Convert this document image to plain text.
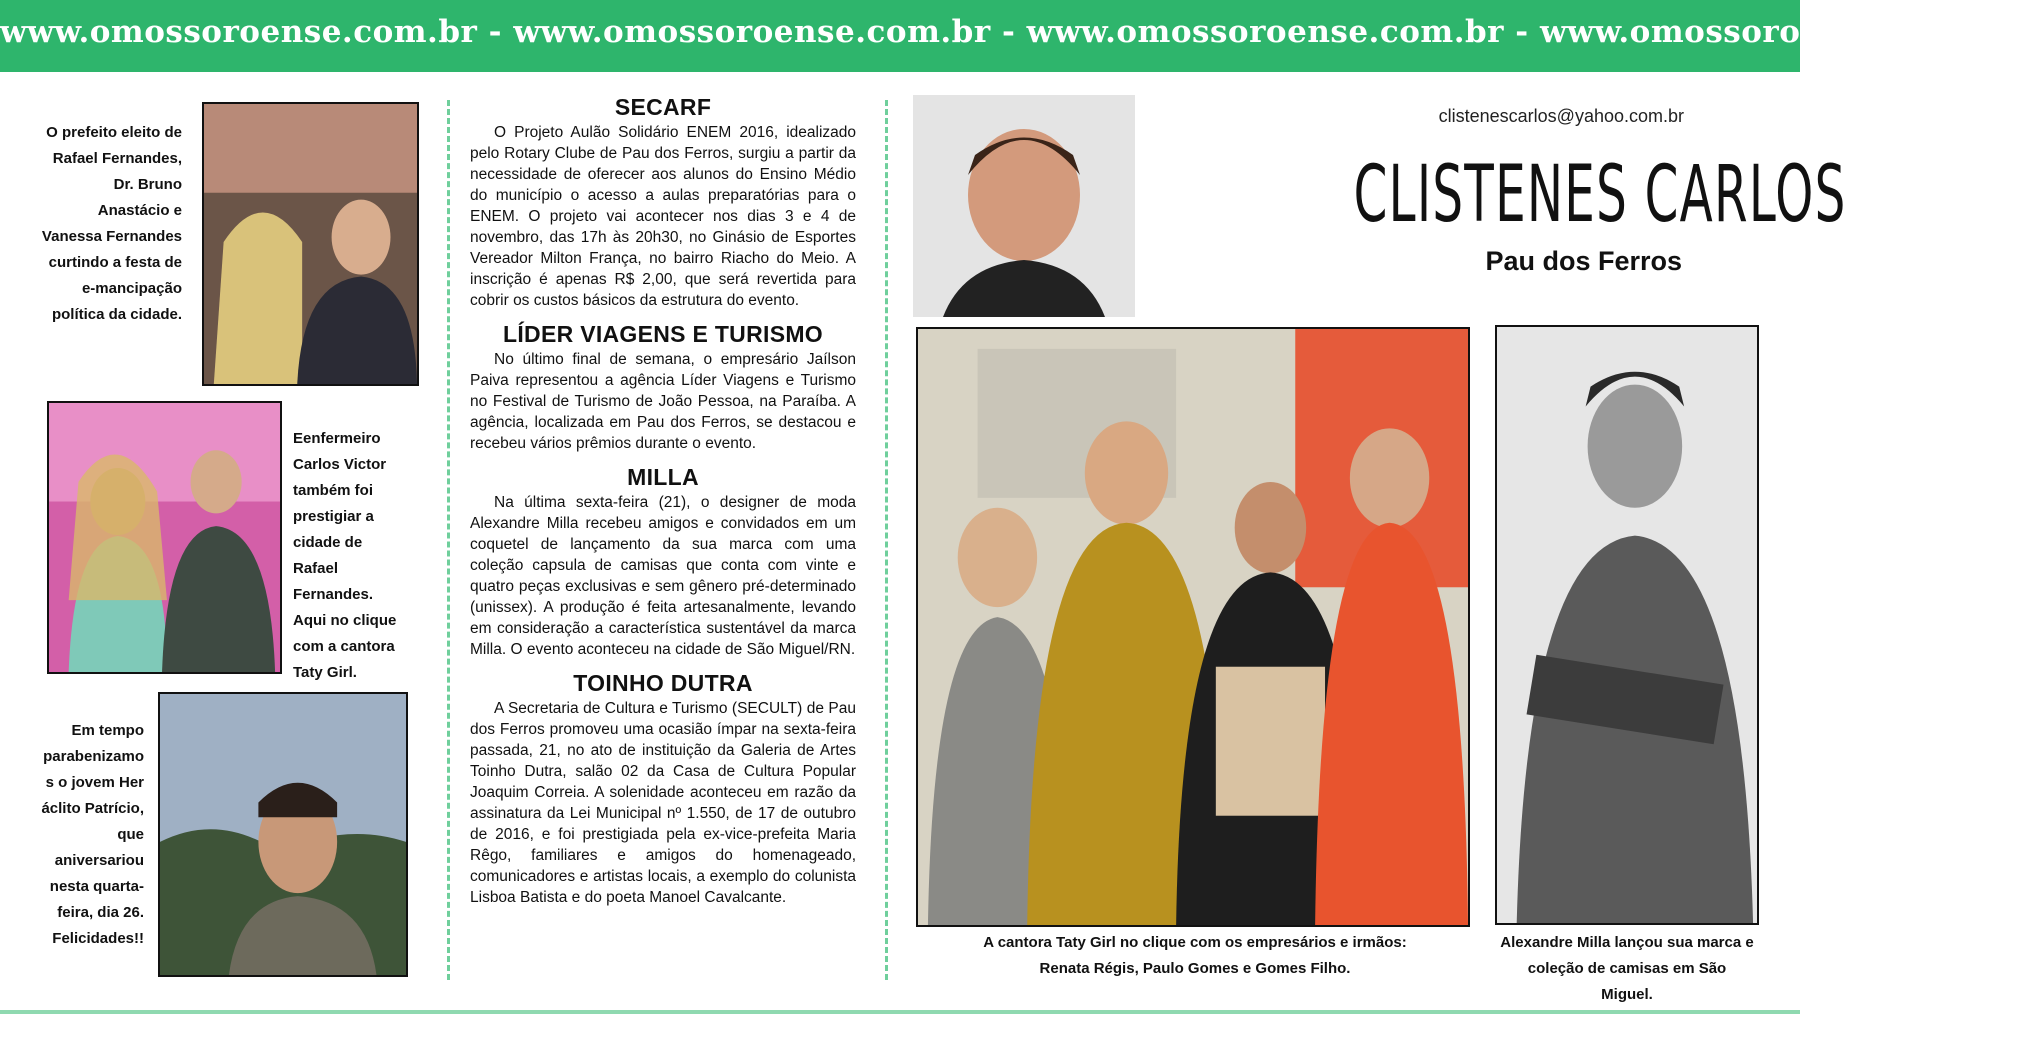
www.omossoroense.com.br - www.omossoroense.com.br - www.omossoroense.com.br - www.omossoroense.com.br
O prefeito eleito de Rafael Fernandes, Dr. Bruno Anastácio e Vanessa Fernandes curtindo a festa de e-mancipação política da cidade.
Eenfermeiro Carlos Victor também foi prestigiar a cidade de Rafael Fernandes. Aqui no clique com a cantora Taty Girl.
Em tempo parabenizamo s o jovem Her áclito Patrício, que aniversariou nesta quarta-feira, dia 26. Felicidades!!
SECARF

O Projeto Aulão Solidário ENEM 2016, idealizado pelo Rotary Clube de Pau dos Ferros, surgiu a partir da necessidade de oferecer aos alunos do Ensino Médio do município o acesso a aulas preparatórias para o ENEM. O projeto vai acontecer nos dias 3 e 4 de novembro, das 17h às 20h30, no Ginásio de Esportes Vereador Milton França, no bairro Riacho do Meio. A inscrição é apenas R$ 2,00, que será revertida para cobrir os custos básicos da estrutura do evento.

LÍDER VIAGENS E TURISMO

No último final de semana, o empresário Jaílson Paiva representou a agência Líder Viagens e Turismo no Festival de Turismo de João Pessoa, na Paraíba. A agência, localizada em Pau dos Ferros, se destacou e recebeu vários prêmios durante o evento.

MILLA

Na última sexta-feira (21), o designer de moda Alexandre Milla recebeu amigos e convidados em um coquetel de lançamento da sua marca com uma coleção capsula de camisas que conta com vinte e quatro peças exclusivas e sem gênero pré-determinado (unissex). A produção é feita artesanalmente, levando em consideração a característica sustentável da marca Milla. O evento aconteceu na cidade de São Miguel/RN.

TOINHO DUTRA

A Secretaria de Cultura e Turismo (SECULT) de Pau dos Ferros promoveu uma ocasião ímpar na sexta-feira passada, 21, no ato de instituição da Galeria de Artes Toinho Dutra, salão 02 da Casa de Cultura Popular Joaquim Correia. A solenidade aconteceu em razão da assinatura da Lei Municipal nº 1.550, de 17 de outubro de 2016, e foi prestigiada pela ex-vice-prefeita Maria Rêgo, familiares e amigos do homenageado, comunicadores e artistas locais, a exemplo do colunista Lisboa Batista e do poeta Manoel Cavalcante.

clistenescarlos@yahoo.com.br
CLISTENES CARLOS
Pau dos Ferros
A cantora Taty Girl no clique com os empresários e irmãos: Renata Régis, Paulo Gomes e Gomes Filho.
Alexandre Milla lançou sua marca e coleção de camisas em São Miguel.
